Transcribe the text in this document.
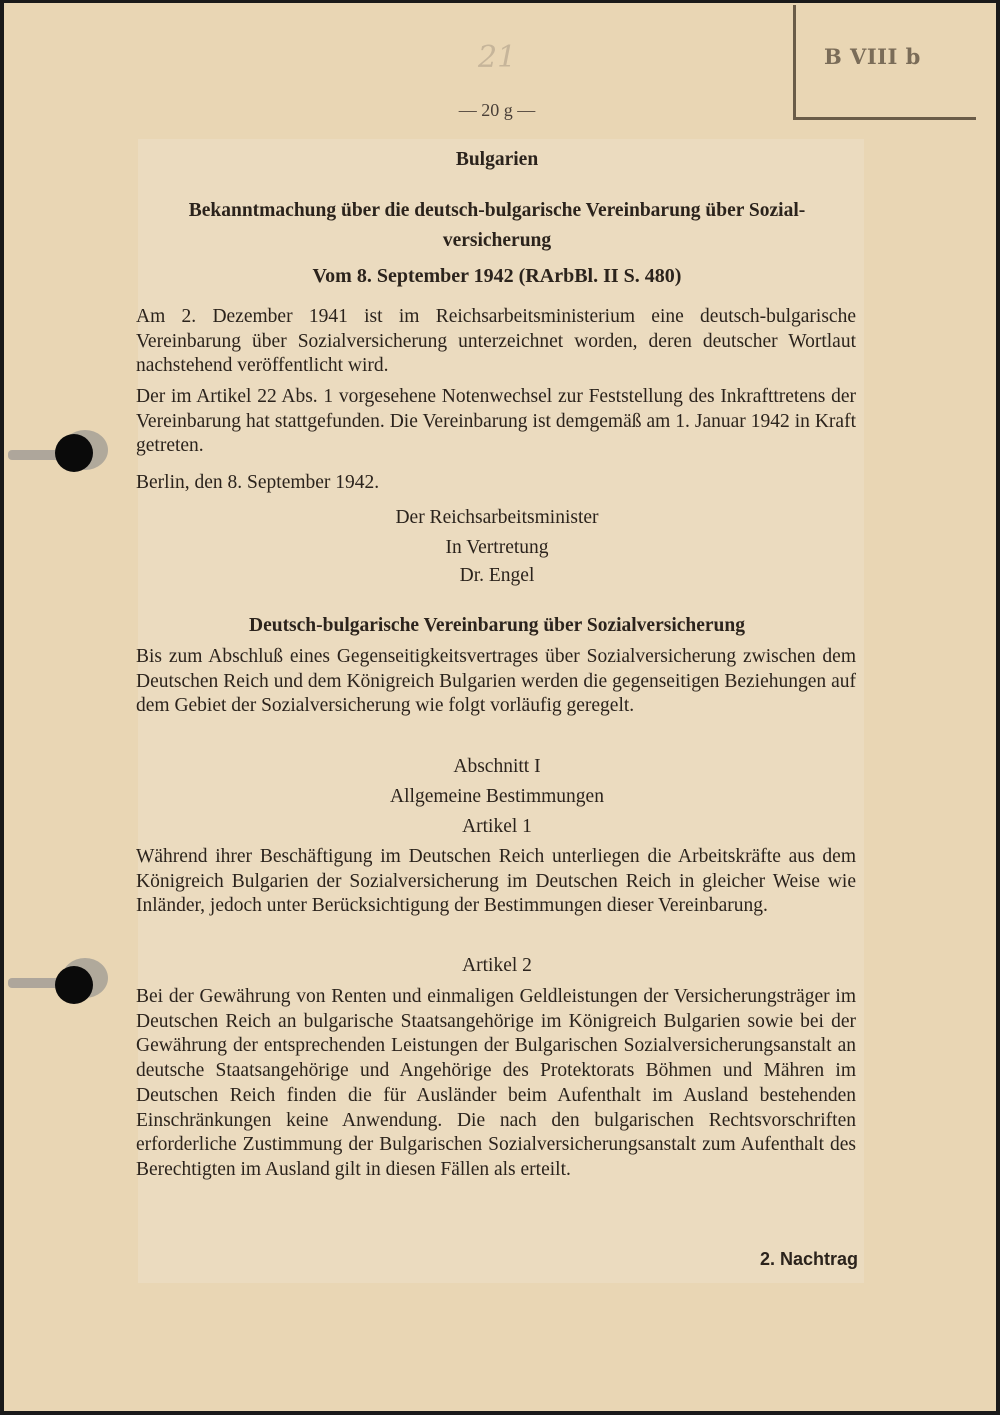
B VIII b
21
— 20 g —
Bulgarien
Bekanntmachung über die deutsch-bulgarische Vereinbarung über Sozial-
versicherung
Vom 8. September 1942 (RArbBl. II S. 480)
Am 2. Dezember 1941 ist im Reichsarbeitsministerium eine deutsch-bulgarische Vereinbarung über Sozialversicherung unterzeichnet worden, deren deutscher Wortlaut nachstehend veröffentlicht wird.
Der im Artikel 22 Abs. 1 vorgesehene Notenwechsel zur Feststellung des Inkrafttretens der Vereinbarung hat stattgefunden. Die Vereinbarung ist demgemäß am 1. Januar 1942 in Kraft getreten.
Berlin, den 8. September 1942.
Der Reichsarbeitsminister
In Vertretung
Dr. Engel
Deutsch-bulgarische Vereinbarung über Sozialversicherung
Bis zum Abschluß eines Gegenseitigkeitsvertrages über Sozialversicherung zwischen dem Deutschen Reich und dem Königreich Bulgarien werden die gegenseitigen Beziehungen auf dem Gebiet der Sozialversicherung wie folgt vorläufig geregelt.
Abschnitt I
Allgemeine Bestimmungen
Artikel 1
Während ihrer Beschäftigung im Deutschen Reich unterliegen die Arbeitskräfte aus dem Königreich Bulgarien der Sozialversicherung im Deutschen Reich in gleicher Weise wie Inländer, jedoch unter Berücksichtigung der Bestimmungen dieser Vereinbarung.
Artikel 2
Bei der Gewährung von Renten und einmaligen Geldleistungen der Versicherungsträger im Deutschen Reich an bulgarische Staatsangehörige im Königreich Bulgarien sowie bei der Gewährung der entsprechenden Leistungen der Bulgarischen Sozialversicherungsanstalt an deutsche Staatsangehörige und Angehörige des Protektorats Böhmen und Mähren im Deutschen Reich finden die für Ausländer beim Aufenthalt im Ausland bestehenden Einschränkungen keine Anwendung. Die nach den bulgarischen Rechtsvorschriften erforderliche Zustimmung der Bulgarischen Sozialversicherungsanstalt zum Aufenthalt des Berechtigten im Ausland gilt in diesen Fällen als erteilt.
2. Nachtrag
